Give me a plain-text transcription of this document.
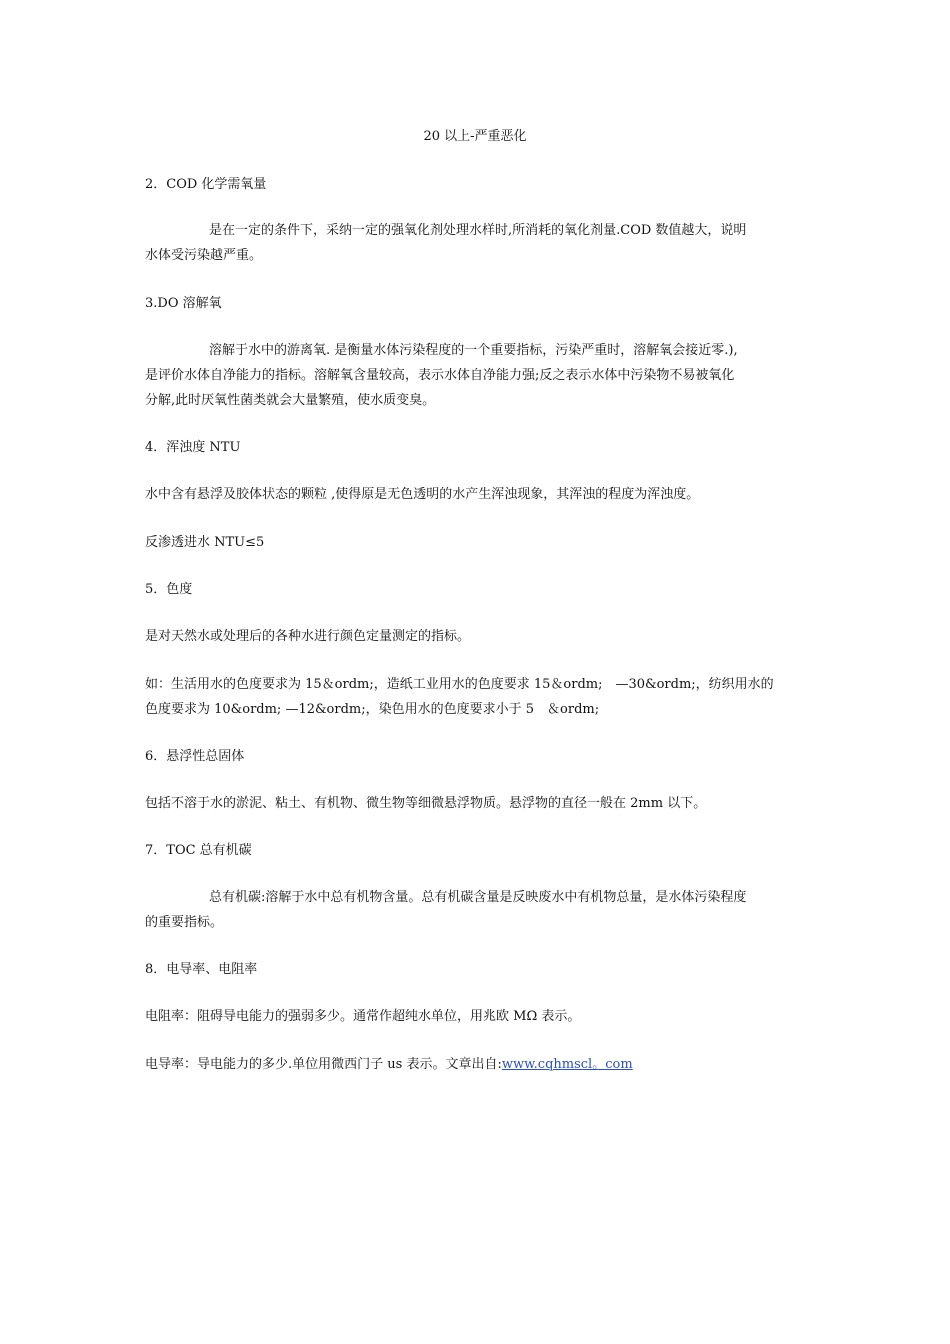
20 以上-严重恶化
2．COD 化学需氧量
是在一定的条件下，采纳一定的强氧化剂处理水样时,所消耗的氧化剂量.COD 数值越大，说明
水体受污染越严重。
3.DO 溶解氧
溶解于水中的游离氧. 是衡量水体污染程度的一个重要指标，污染严重时，溶解氧会接近零.),
是评价水体自净能力的指标。溶解氧含量较高，表示水体自净能力强;反之表示水体中污染物不易被氧化
分解,此时厌氧性菌类就会大量繁殖，使水质变臭。
4．浑浊度 NTU
水中含有悬浮及胶体状态的颗粒 ,使得原是无色透明的水产生浑浊现象，其浑浊的程度为浑浊度。
反渗透进水 NTU≤5
5．色度
是对天然水或处理后的各种水进行颜色定量测定的指标。
如：生活用水的色度要求为 15＆ordm;，造纸工业用水的色度要求 15＆ordm;　—30&ordm;，纺织用水的
色度要求为 10&ordm; —12&ordm;，染色用水的色度要求小于 5　＆ordm;
6．悬浮性总固体
包括不溶于水的淤泥、粘土、有机物、微生物等细微悬浮物质。悬浮物的直径一般在 2mm 以下。
7．TOC 总有机碳
总有机碳:溶解于水中总有机物含量。总有机碳含量是反映废水中有机物总量，是水体污染程度
的重要指标。
8．电导率、电阻率
电阻率：阻碍导电能力的强弱多少。通常作超纯水单位，用兆欧 MΩ 表示。
电导率：导电能力的多少.单位用微西门子 us 表示。文章出自:www.cqhmscl。com
